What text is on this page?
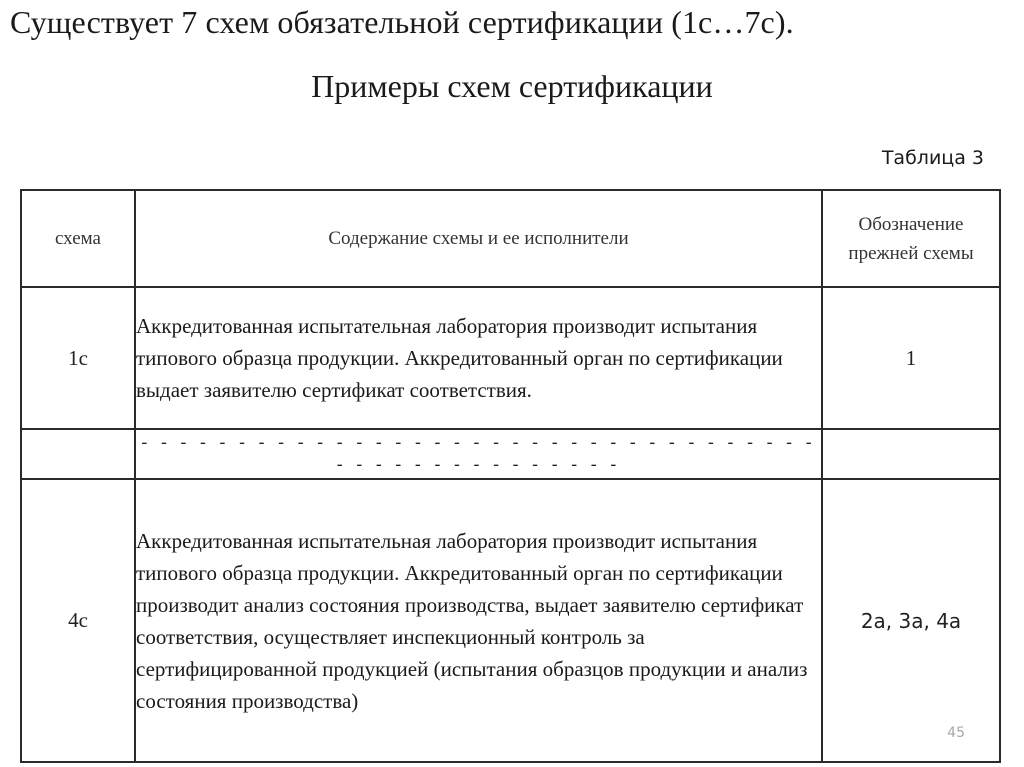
Существует 7 схем обязательной сертификации (1с…7с).
Примеры схем сертификации
Таблица 3
схема	Содержание схемы и ее исполнители	Обозначение прежней схемы
1с	Аккредитованная испытательная лаборатория производит испытания типового образца продукции. Аккредитованный орган по сертификации выдает заявителю сертификат соответствия.	1
	- - - - - - - - - - - - - - - - - - - - - - - - - - - - - - - - - - - - - - - - - - - - - - - - - -	
4с	Аккредитованная испытательная лаборатория производит испытания типового образца продукции. Аккредитованный орган по сертификации производит анализ состояния производства, выдает заявителю сертификат соответствия, осуществляет инспекционный контроль за сертифицированной продукцией (испытания образцов продукции и анализ состояния производства)	2а, 3а, 4а
45
